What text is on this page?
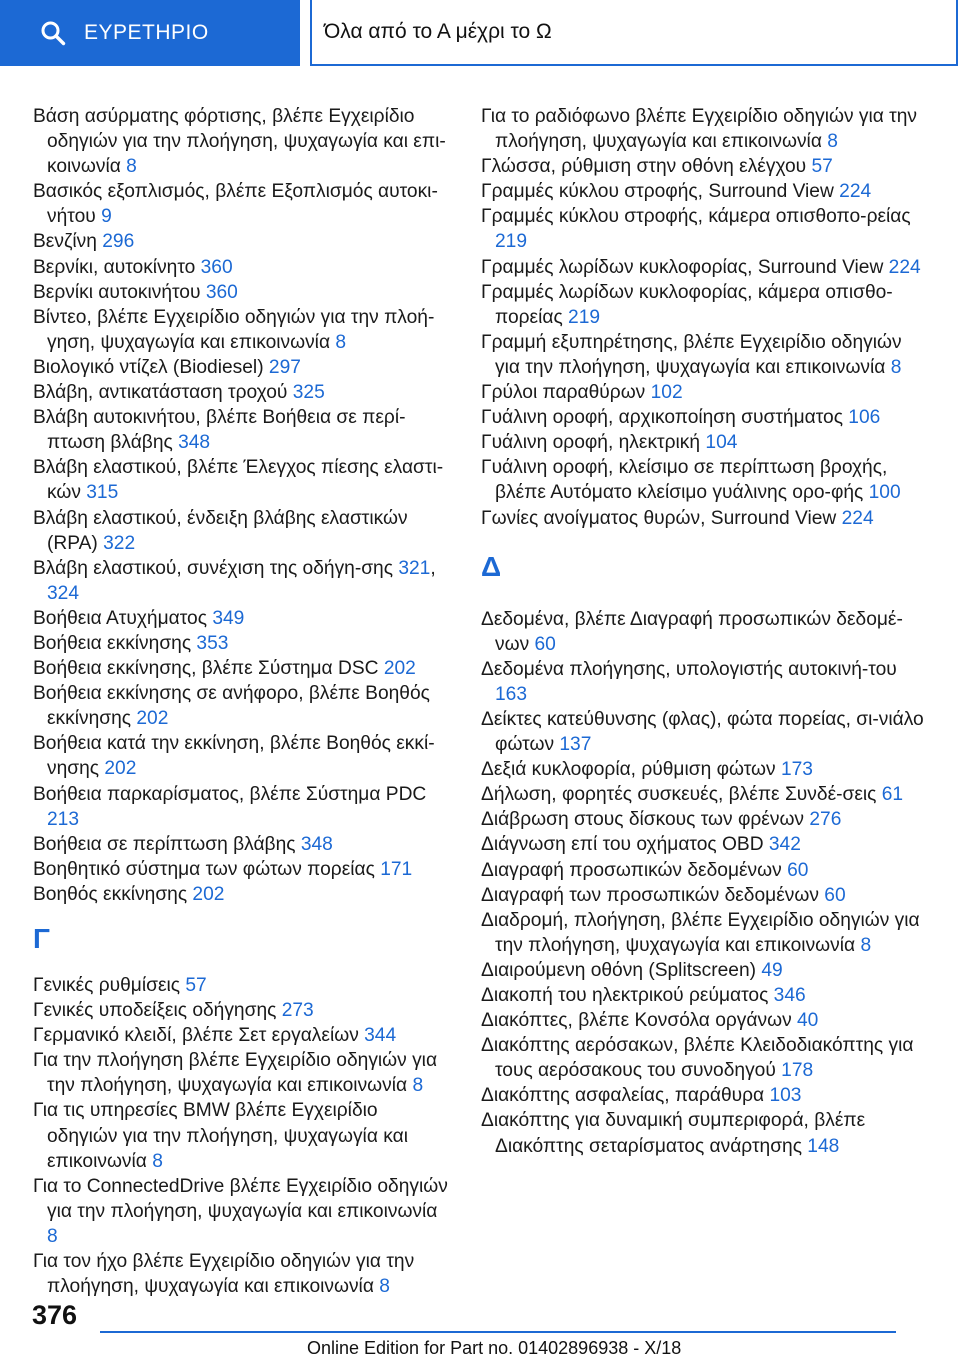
ΕΥΡΕΤΗΡΙΟ	Όλα από το Α μέχρι το Ω
Βάση ασύρματης φόρτισης, βλέπε Εγχειρίδιο οδηγιών για την πλοήγηση, ψυχαγωγία και επι-κοινωνία 8
Βασικός εξοπλισμός, βλέπε Εξοπλισμός αυτοκι-νήτου 9
Βενζίνη 296
Βερνίκι, αυτοκίνητο 360
Βερνίκι αυτοκινήτου 360
Βίντεο, βλέπε Εγχειρίδιο οδηγιών για την πλοή-γηση, ψυχαγωγία και επικοινωνία 8
Βιολογικό ντίζελ (Biodiesel) 297
Βλάβη, αντικατάσταση τροχού 325
Βλάβη αυτοκινήτου, βλέπε Βοήθεια σε περί-πτωση βλάβης 348
Βλάβη ελαστικού, βλέπε Έλεγχος πίεσης ελαστι-κών 315
Βλάβη ελαστικού, ένδειξη βλάβης ελαστικών (RPA) 322
Βλάβη ελαστικού, συνέχιση της οδήγη-σης 321, 324
Βοήθεια Ατυχήματος 349
Βοήθεια εκκίνησης 353
Βοήθεια εκκίνησης, βλέπε Σύστημα DSC 202
Βοήθεια εκκίνησης σε ανήφορο, βλέπε Βοηθός εκκίνησης 202
Βοήθεια κατά την εκκίνηση, βλέπε Βοηθός εκκί-νησης 202
Βοήθεια παρκαρίσματος, βλέπε Σύστημα PDC 213
Βοήθεια σε περίπτωση βλάβης 348
Βοηθητικό σύστημα των φώτων πορείας 171
Βοηθός εκκίνησης 202
Γ
Γενικές ρυθμίσεις 57
Γενικές υποδείξεις οδήγησης 273
Γερμανικό κλειδί, βλέπε Σετ εργαλείων 344
Για την πλοήγηση βλέπε Εγχειρίδιο οδηγιών για την πλοήγηση, ψυχαγωγία και επικοινωνία 8
Για τις υπηρεσίες BMW βλέπε Εγχειρίδιο οδηγιών για την πλοήγηση, ψυχαγωγία και επικοινωνία 8
Για το ConnectedDrive βλέπε Εγχειρίδιο οδηγιών για την πλοήγηση, ψυχαγωγία και επικοινωνία 8
Για τον ήχο βλέπε Εγχειρίδιο οδηγιών για την πλοήγηση, ψυχαγωγία και επικοινωνία 8
Για το ραδιόφωνο βλέπε Εγχειρίδιο οδηγιών για την πλοήγηση, ψυχαγωγία και επικοινωνία 8
Γλώσσα, ρύθμιση στην οθόνη ελέγχου 57
Γραμμές κύκλου στροφής, Surround View 224
Γραμμές κύκλου στροφής, κάμερα οπισθοπο-ρείας 219
Γραμμές λωρίδων κυκλοφορίας, Surround View 224
Γραμμές λωρίδων κυκλοφορίας, κάμερα οπισθο-πορείας 219
Γραμμή εξυπηρέτησης, βλέπε Εγχειρίδιο οδηγιών για την πλοήγηση, ψυχαγωγία και επικοινωνία 8
Γρύλοι παραθύρων 102
Γυάλινη οροφή, αρχικοποίηση συστήματος 106
Γυάλινη οροφή, ηλεκτρική 104
Γυάλινη οροφή, κλείσιμο σε περίπτωση βροχής, βλέπε Αυτόματο κλείσιμο γυάλινης ορο-φής 100
Γωνίες ανοίγματος θυρών, Surround View 224
Δ
Δεδομένα, βλέπε Διαγραφή προσωπικών δεδομέ-νων 60
Δεδομένα πλοήγησης, υπολογιστής αυτοκινή-του 163
Δείκτες κατεύθυνσης (φλας), φώτα πορείας, σι-νιάλο φώτων 137
Δεξιά κυκλοφορία, ρύθμιση φώτων 173
Δήλωση, φορητές συσκευές, βλέπε Συνδέ-σεις 61
Διάβρωση στους δίσκους των φρένων 276
Διάγνωση επί του οχήματος OBD 342
Διαγραφή προσωπικών δεδομένων 60
Διαγραφή των προσωπικών δεδομένων 60
Διαδρομή, πλοήγηση, βλέπε Εγχειρίδιο οδηγιών για την πλοήγηση, ψυχαγωγία και επικοινωνία 8
Διαιρούμενη οθόνη (Splitscreen) 49
Διακοπή του ηλεκτρικού ρεύματος 346
Διακόπτες, βλέπε Κονσόλα οργάνων 40
Διακόπτης αερόσακων, βλέπε Κλειδοδιακόπτης για τους αερόσακους του συνοδηγού 178
Διακόπτης ασφαλείας, παράθυρα 103
Διακόπτης για δυναμική συμπεριφορά, βλέπε Διακόπτης σεταρίσματος ανάρτησης 148
376
Online Edition for Part no. 01402896938 - X/18
